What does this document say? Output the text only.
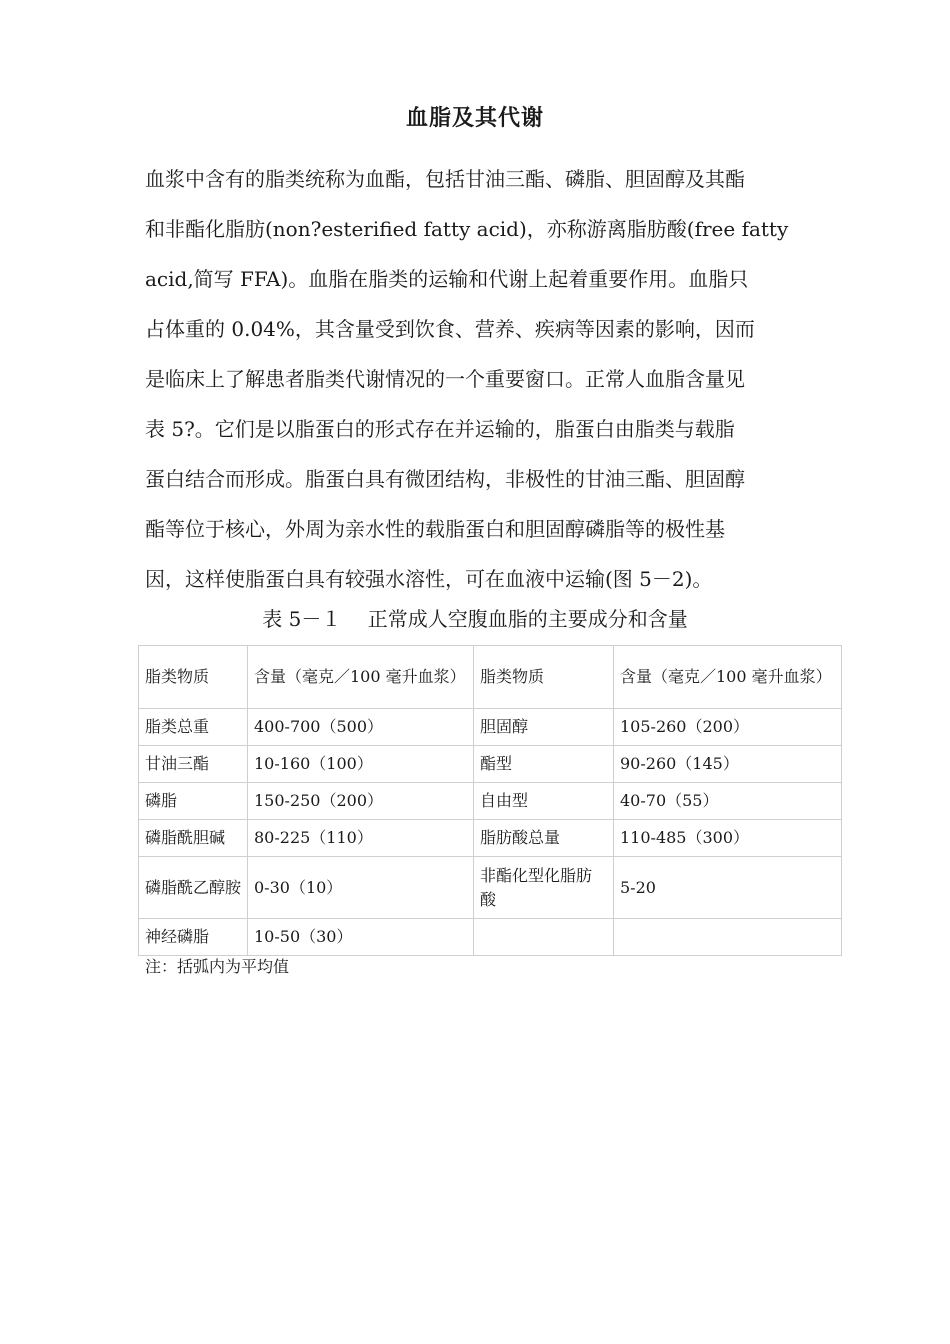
血脂及其代谢
血浆中含有的脂类统称为血酯，包括甘油三酯、磷脂、胆固醇及其酯
和非酯化脂肪(non?esterified fatty acid)，亦称游离脂肪酸(free fatty
acid,简写 FFA)。血脂在脂类的运输和代谢上起着重要作用。血脂只
占体重的 0.04%，其含量受到饮食、营养、疾病等因素的影响，因而
是临床上了解患者脂类代谢情况的一个重要窗口。正常人血脂含量见
表 5?。它们是以脂蛋白的形式存在并运输的，脂蛋白由脂类与载脂
蛋白结合而形成。脂蛋白具有微团结构，非极性的甘油三酯、胆固醇
酯等位于核心，外周为亲水性的载脂蛋白和胆固醇磷脂等的极性基
因，这样使脂蛋白具有较强水溶性，可在血液中运输(图 5－2)。
表 5－１　 正常成人空腹血脂的主要成分和含量
脂类物质	含量（毫克／100 毫升血浆）	脂类物质	含量（毫克／100 毫升血浆）
脂类总重	400-700（500）	胆固醇	105-260（200）
甘油三酯	10-160（100）	酯型	90-260（145）
磷脂	150-250（200）	自由型	40-70（55）
磷脂酰胆碱	80-225（110）	脂肪酸总量	110-485（300）
磷脂酰乙醇胺	0-30（10）	非酯化型化脂肪酸	5-20
神经磷脂	10-50（30）		
注：括弧内为平均值
